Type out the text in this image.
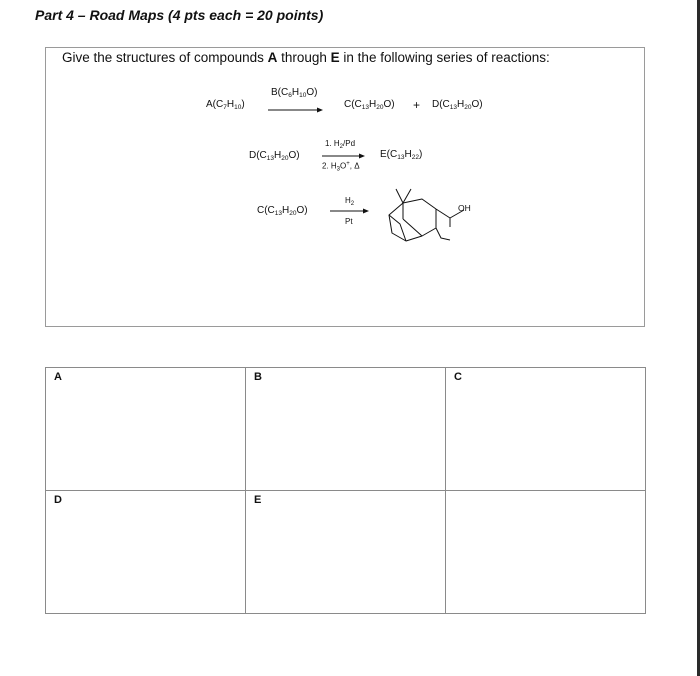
Part 4 – Road Maps (4 pts each = 20 points)
Give the structures of compounds A through E in the following series of reactions:
$A(C_7H_{10})$
$B(C_6H_{10}O)$
→ $C(C_{13}H_{20}O) + D(C_{13}H_{20}O)$
$D(C_{13}H_{20}O)$
1. $H_2/Pd$
2. $H_3O^+$, Δ
$E(C_{13}H_{22})$
$C(C_{13}H_{20}O)$
$H_2$
Pt
OH
A	B	C
D	E	
